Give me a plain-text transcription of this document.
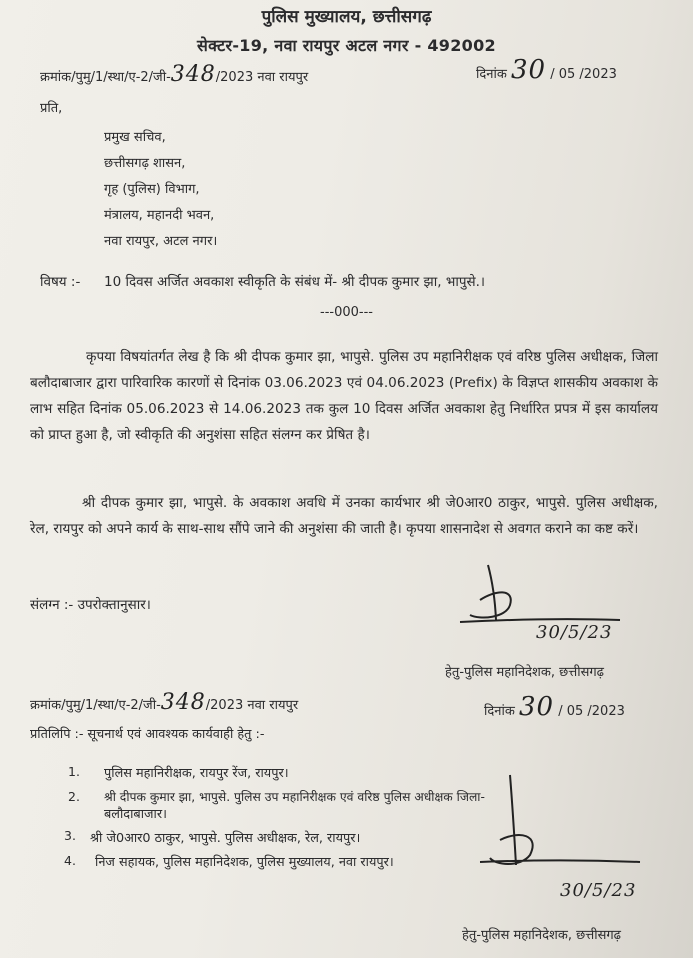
पुलिस मुख्यालय, छत्तीसगढ़
सेक्टर-19, नवा रायपुर अटल नगर - 492002
क्रमांक/पुमु/1/स्था/ए-2/जी-348/2023 नवा रायपुर	दिनांक 30 / 05 /2023
प्रति,
प्रमुख सचिव,
छत्तीसगढ़ शासन,
गृह (पुलिस) विभाग,
मंत्रालय, महानदी भवन,
नवा रायपुर, अटल नगर।
विषय :- 10 दिवस अर्जित अवकाश स्वीकृति के संबंध में- श्री दीपक कुमार झा, भापुसे.।
---000---
कृपया विषयांतर्गत लेख है कि श्री दीपक कुमार झा, भापुसे. पुलिस उप महानिरीक्षक एवं वरिष्ठ पुलिस अधीक्षक, जिला बलौदाबाजार द्वारा पारिवारिक कारणों से दिनांक 03.06.2023 एवं 04.06.2023 (Prefix) के विज्ञप्त शासकीय अवकाश के लाभ सहित दिनांक 05.06.2023 से 14.06.2023 तक कुल 10 दिवस अर्जित अवकाश हेतु निर्धारित प्रपत्र में इस कार्यालय को प्राप्त हुआ है, जो स्वीकृति की अनुशंसा सहित संलग्न कर प्रेषित है।
श्री दीपक कुमार झा, भापुसे. के अवकाश अवधि में उनका कार्यभार श्री जे0आर0 ठाकुर, भापुसे. पुलिस अधीक्षक, रेल, रायपुर को अपने कार्य के साथ-साथ सौंपे जाने की अनुशंसा की जाती है। कृपया शासनादेश से अवगत कराने का कष्ट करें।
संलग्न :- उपरोक्तानुसार।
30/5/23
हेतु-पुलिस महानिदेशक, छत्तीसगढ़
क्रमांक/पुमु/1/स्था/ए-2/जी-348/2023 नवा रायपुर	दिनांक 30 / 05 /2023
प्रतिलिपि :- सूचनार्थ एवं आवश्यक कार्यवाही हेतु :-
1. पुलिस महानिरीक्षक, रायपुर रेंज, रायपुर।
2. श्री दीपक कुमार झा, भापुसे. पुलिस उप महानिरीक्षक एवं वरिष्ठ पुलिस अधीक्षक जिला-
बलौदाबाजार।
3. श्री जे0आर0 ठाकुर, भापुसे. पुलिस अधीक्षक, रेल, रायपुर।
4. निज सहायक, पुलिस महानिदेशक, पुलिस मुख्यालय, नवा रायपुर।
30/5/23
हेतु-पुलिस महानिदेशक, छत्तीसगढ़
